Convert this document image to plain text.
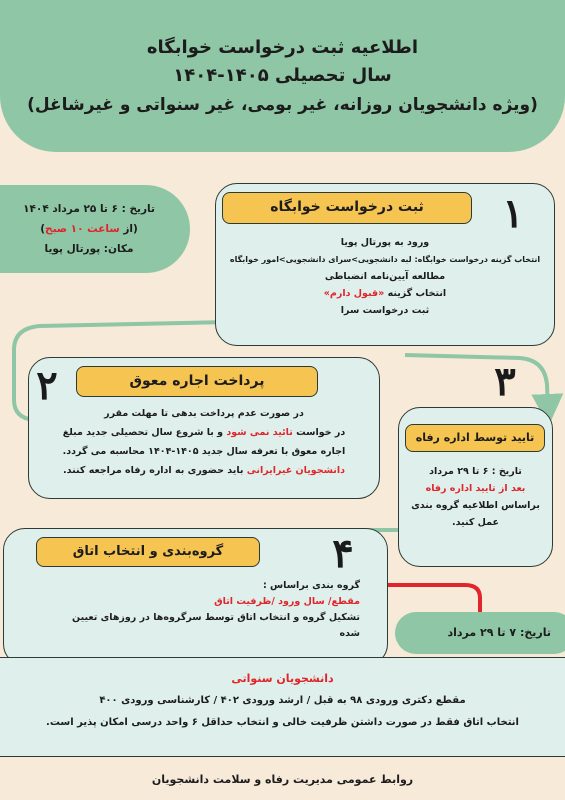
اطلاعیه ثبت درخواست خوابگاه
سال تحصیلی ۱۴۰۵-۱۴۰۴
(ویژه دانشجویان روزانه، غیر بومی، غیر سنواتی و غیرشاغل)
تاریخ : ۶ تا ۲۵ مرداد ۱۴۰۴
(از ساعت ۱۰ صبح)
مکان: پورتال پویا
ثبت درخواست خوابگاه	۱
ورود به پورتال پویا
انتخاب گزینه درخواست خوابگاه: لبه دانشجویی>سرای دانشجویی>امور خوابگاه
مطالعه آیین‌نامه انضباطی
انتخاب گزینه «قبول دارم»
ثبت درخواست سرا
پرداخت اجاره معوق
۲
در صورت عدم پرداخت بدهی تا مهلت مقرر
در خواست تائید نمی شود و با شروع سال تحصیلی جدید مبلغ
اجاره معوق با تعرفه سال جدید ۱۴۰۵-۱۴۰۴ محاسبه می گردد.
دانشجویان غیرایرانی باید حضوری به اداره رفاه مراجعه کنند.
۳
تایید توسط اداره رفاه
تاریخ : ۶ تا ۲۹ مرداد
بعد از تایید اداره رفاه
براساس اطلاعیه گروه بندی
عمل کنید.
گروه‌بندی و انتخاب اتاق	۴
گروه بندی براساس :
مقطع/ سال ورود /ظرفیت اتاق
تشکیل گروه و انتخاب اتاق توسط سرگروه‌ها در روزهای تعیین
شده	تاریخ: ۷ تا ۲۹ مرداد
دانشجویان سنواتی
مقطع دکتری ورودی ۹۸ به قبل / ارشد ورودی ۴۰۲ / کارشناسی ورودی ۴۰۰
انتخاب اتاق فقط در صورت داشتن ظرفیت خالی و انتخاب حداقل ۶ واحد درسی امکان پذیر است.
روابط عمومی مدیریت رفاه و سلامت دانشجویان
